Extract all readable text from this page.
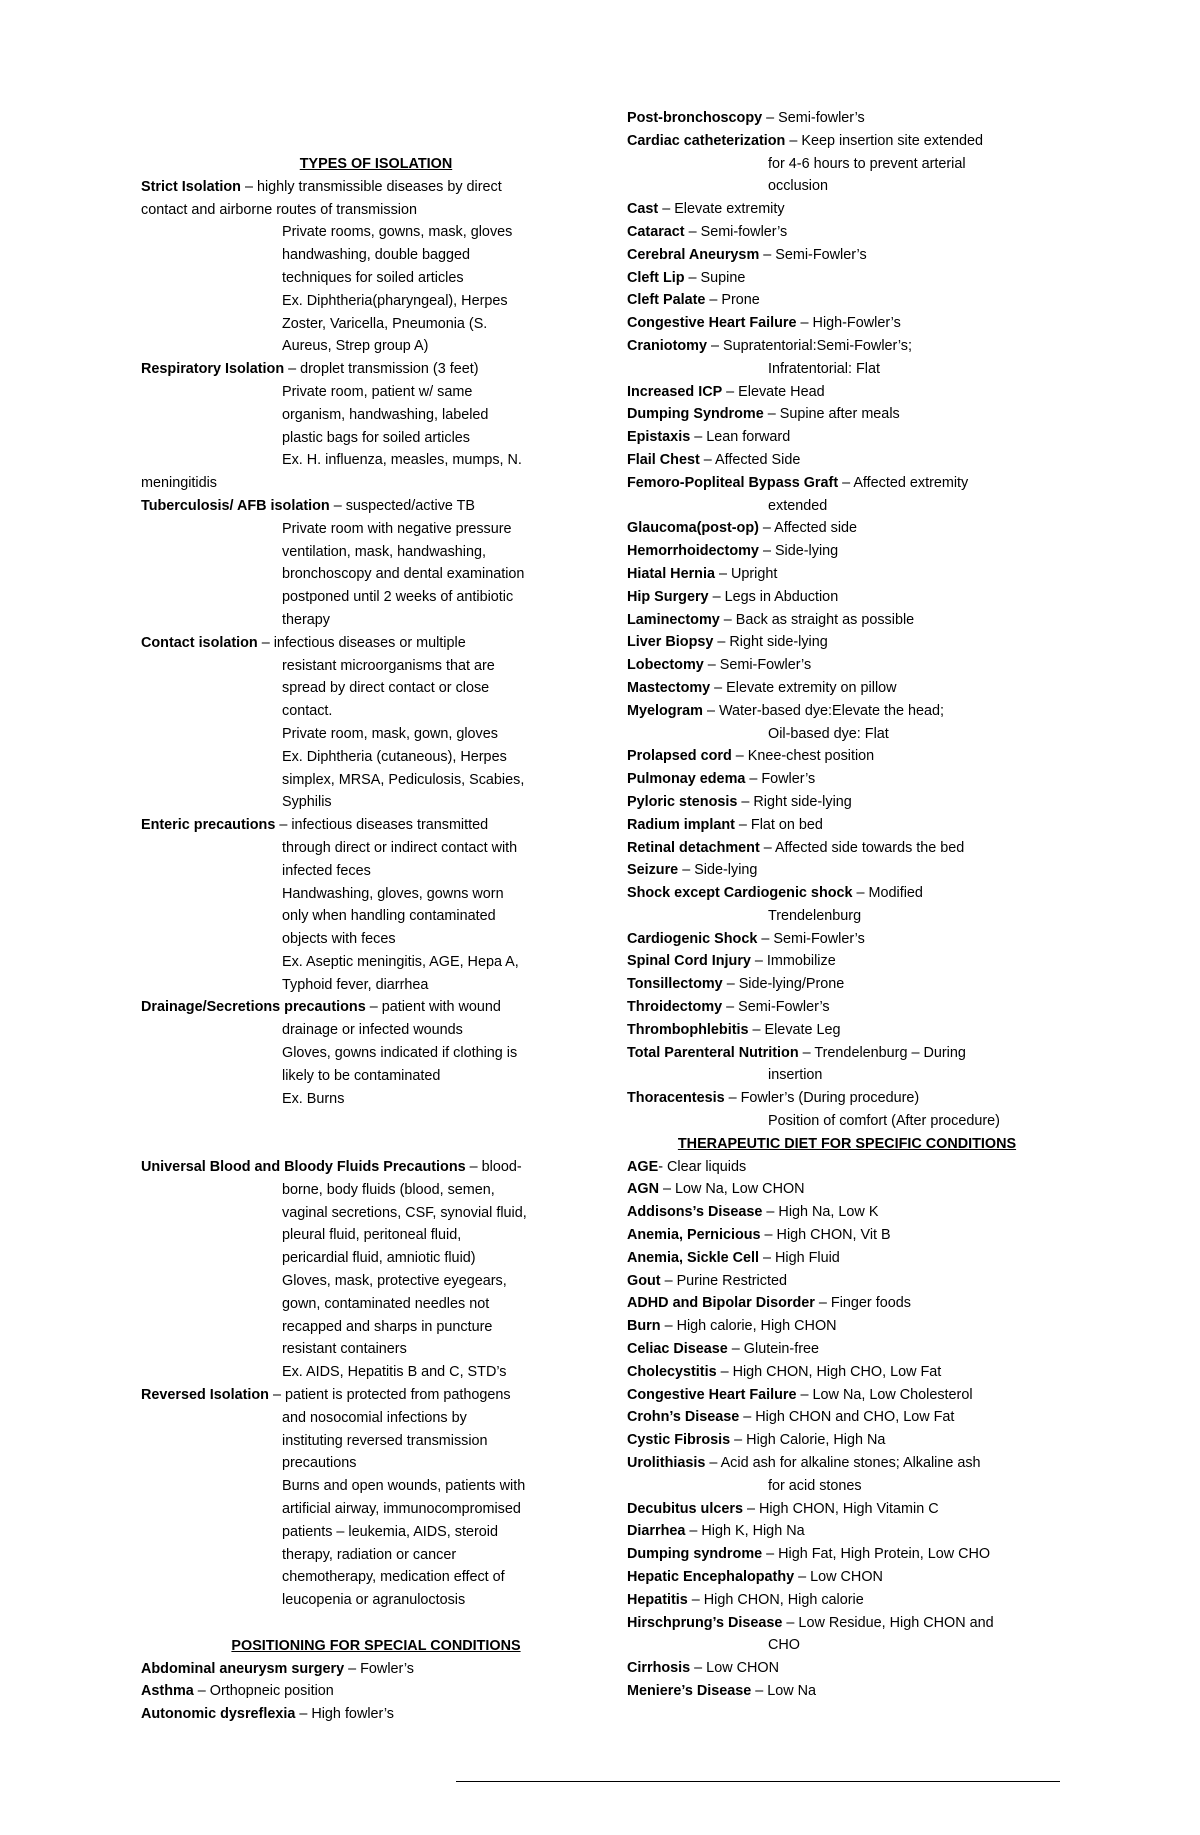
TYPES OF ISOLATION
Strict Isolation – highly transmissible diseases by direct
contact and airborne routes of transmission
Private rooms, gowns, mask, gloves
handwashing, double bagged
techniques for soiled articles
Ex. Diphtheria(pharyngeal), Herpes
Zoster, Varicella, Pneumonia (S.
Aureus, Strep group A)
Respiratory Isolation – droplet transmission (3 feet)
Private room, patient w/ same
organism, handwashing, labeled
plastic bags for soiled articles
Ex. H. influenza, measles, mumps, N.
meningitidis
Tuberculosis/ AFB isolation – suspected/active TB
Private room with negative pressure
ventilation, mask, handwashing,
bronchoscopy and dental examination
postponed until 2 weeks of antibiotic
therapy
Contact isolation – infectious diseases or multiple
resistant microorganisms that are
spread by direct contact or close
contact.
Private room, mask, gown, gloves
Ex. Diphtheria (cutaneous), Herpes
simplex, MRSA, Pediculosis, Scabies,
Syphilis
Enteric precautions – infectious diseases transmitted
through direct or indirect contact with
infected feces
Handwashing, gloves, gowns worn
only when handling contaminated
objects with feces
Ex. Aseptic meningitis, AGE, Hepa A,
Typhoid fever, diarrhea
Drainage/Secretions precautions – patient with wound
drainage or infected wounds
Gloves, gowns indicated if clothing is
likely to be contaminated
Ex. Burns
Universal Blood and Bloody Fluids Precautions – blood-
borne, body fluids (blood, semen,
vaginal secretions, CSF, synovial fluid,
pleural fluid, peritoneal fluid,
pericardial fluid, amniotic fluid)
Gloves, mask, protective eyegears,
gown, contaminated needles not
recapped and sharps in puncture
resistant containers
Ex. AIDS, Hepatitis B and C, STD’s
Reversed Isolation – patient is protected from pathogens
and nosocomial infections by
instituting reversed transmission
precautions
Burns and open wounds, patients with
artificial airway, immunocompromised
patients – leukemia, AIDS, steroid
therapy, radiation or cancer
chemotherapy, medication effect of
leucopenia or agranuloctosis
POSITIONING FOR SPECIAL CONDITIONS
Abdominal aneurysm surgery – Fowler’s
Asthma – Orthopneic position
Autonomic dysreflexia – High fowler’s
Post-bronchoscopy – Semi-fowler’s
Cardiac catheterization – Keep insertion site extended
for 4-6 hours to prevent arterial
occlusion
Cast – Elevate extremity
Cataract – Semi-fowler’s
Cerebral Aneurysm – Semi-Fowler’s
Cleft Lip – Supine
Cleft Palate – Prone
Congestive Heart Failure – High-Fowler’s
Craniotomy – Supratentorial:Semi-Fowler’s;
Infratentorial: Flat
Increased ICP – Elevate Head
Dumping Syndrome – Supine after meals
Epistaxis – Lean forward
Flail Chest – Affected Side
Femoro-Popliteal Bypass Graft – Affected extremity
extended
Glaucoma(post-op) – Affected side
Hemorrhoidectomy – Side-lying
Hiatal Hernia – Upright
Hip Surgery – Legs in Abduction
Laminectomy – Back as straight as possible
Liver Biopsy – Right side-lying
Lobectomy – Semi-Fowler’s
Mastectomy – Elevate extremity on pillow
Myelogram – Water-based dye:Elevate the head;
Oil-based dye: Flat
Prolapsed cord – Knee-chest position
Pulmonay edema – Fowler’s
Pyloric stenosis – Right side-lying
Radium implant – Flat on bed
Retinal detachment – Affected side towards the bed
Seizure – Side-lying
Shock except Cardiogenic shock – Modified
Trendelenburg
Cardiogenic Shock – Semi-Fowler’s
Spinal Cord Injury – Immobilize
Tonsillectomy – Side-lying/Prone
Throidectomy – Semi-Fowler’s
Thrombophlebitis – Elevate Leg
Total Parenteral Nutrition – Trendelenburg – During
insertion
Thoracentesis – Fowler’s (During procedure)
Position of comfort (After procedure)
THERAPEUTIC DIET FOR SPECIFIC CONDITIONS
AGE- Clear liquids
AGN – Low Na, Low CHON
Addisons’s Disease – High Na, Low K
Anemia, Pernicious – High CHON, Vit B
Anemia, Sickle Cell – High Fluid
Gout – Purine Restricted
ADHD and Bipolar Disorder – Finger foods
Burn – High calorie, High CHON
Celiac Disease – Glutein-free
Cholecystitis – High CHON, High CHO, Low Fat
Congestive Heart Failure – Low Na, Low Cholesterol
Crohn’s Disease – High CHON and CHO, Low Fat
Cystic Fibrosis – High Calorie, High Na
Urolithiasis – Acid ash for alkaline stones; Alkaline ash
for acid stones
Decubitus ulcers – High CHON, High Vitamin C
Diarrhea – High K, High Na
Dumping syndrome – High Fat, High Protein, Low CHO
Hepatic Encephalopathy – Low CHON
Hepatitis – High CHON, High calorie
Hirschprung’s Disease – Low Residue, High CHON and
CHO
Cirrhosis – Low CHON
Meniere’s Disease – Low Na
